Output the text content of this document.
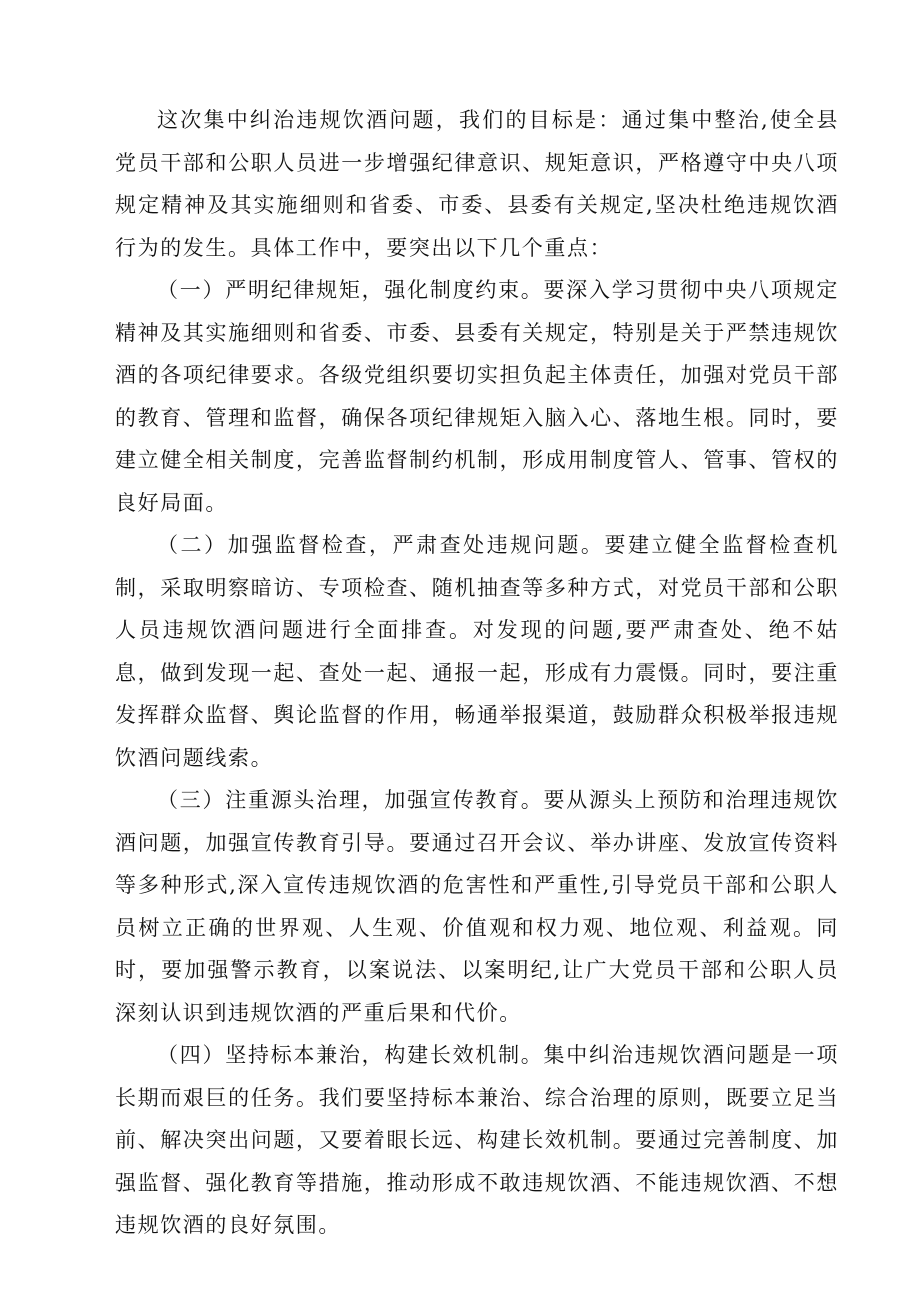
这次集中纠治违规饮酒问题，我们的目标是：通过集中整治,使全县党员干部和公职人员进一步增强纪律意识、规矩意识，严格遵守中央八项规定精神及其实施细则和省委、市委、县委有关规定,坚决杜绝违规饮酒行为的发生。具体工作中，要突出以下几个重点：

（一）严明纪律规矩，强化制度约束。要深入学习贯彻中央八项规定精神及其实施细则和省委、市委、县委有关规定，特别是关于严禁违规饮酒的各项纪律要求。各级党组织要切实担负起主体责任，加强对党员干部的教育、管理和监督，确保各项纪律规矩入脑入心、落地生根。同时，要建立健全相关制度，完善监督制约机制，形成用制度管人、管事、管权的良好局面。

（二）加强监督检查，严肃查处违规问题。要建立健全监督检查机制，采取明察暗访、专项检查、随机抽查等多种方式，对党员干部和公职人员违规饮酒问题进行全面排查。对发现的问题,要严肃查处、绝不姑息，做到发现一起、查处一起、通报一起，形成有力震慑。同时，要注重发挥群众监督、舆论监督的作用，畅通举报渠道，鼓励群众积极举报违规饮酒问题线索。

（三）注重源头治理，加强宣传教育。要从源头上预防和治理违规饮酒问题，加强宣传教育引导。要通过召开会议、举办讲座、发放宣传资料等多种形式,深入宣传违规饮酒的危害性和严重性,引导党员干部和公职人员树立正确的世界观、人生观、价值观和权力观、地位观、利益观。同时，要加强警示教育，以案说法、以案明纪,让广大党员干部和公职人员深刻认识到违规饮酒的严重后果和代价。

（四）坚持标本兼治，构建长效机制。集中纠治违规饮酒问题是一项长期而艰巨的任务。我们要坚持标本兼治、综合治理的原则，既要立足当前、解决突出问题，又要着眼长远、构建长效机制。要通过完善制度、加强监督、强化教育等措施，推动形成不敢违规饮酒、不能违规饮酒、不想违规饮酒的良好氛围。
